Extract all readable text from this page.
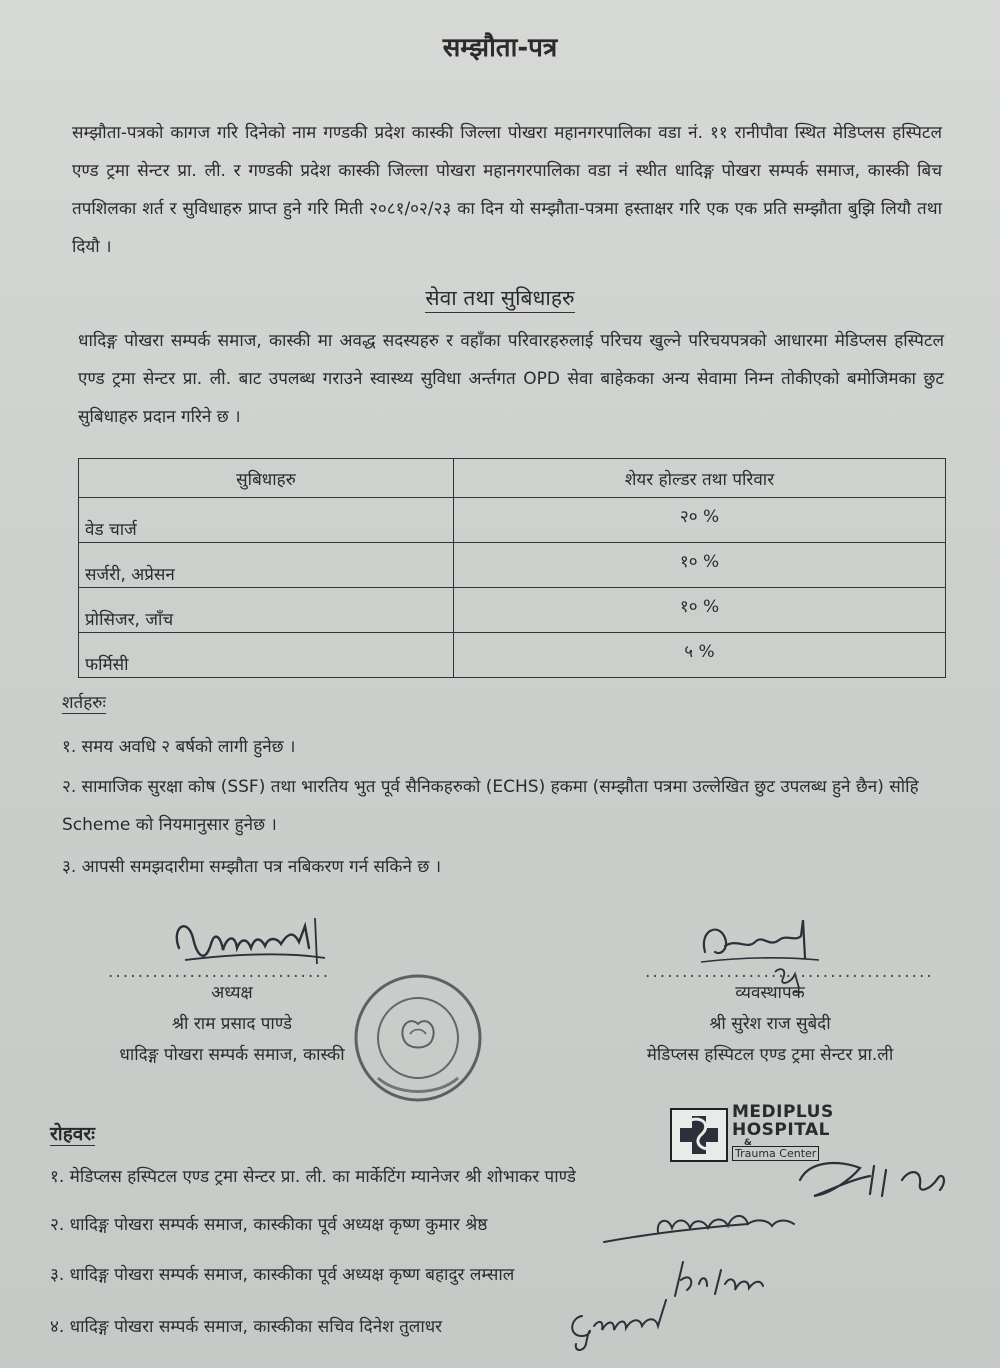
सम्झौता-पत्र
सम्झौता-पत्रको कागज गरि दिनेको नाम गण्डकी प्रदेश कास्की जिल्ला पोखरा महानगरपालिका वडा नं. ११ रानीपौवा स्थित मेडिप्लस हस्पिटल एण्ड ट्रमा सेन्टर प्रा. ली. र गण्डकी प्रदेश कास्की जिल्ला पोखरा महानगरपालिका वडा नं स्थीत धादिङ्ग पोखरा सम्पर्क समाज, कास्की बिच तपशिलका शर्त र सुविधाहरु प्राप्त हुने गरि मिती २०८१/०२/२३ का दिन यो सम्झौता-पत्रमा हस्ताक्षर गरि एक एक प्रति सम्झौता बुझि लियौ तथा दियौ ।
सेवा तथा सुबिधाहरु
धादिङ्ग पोखरा सम्पर्क समाज, कास्की मा अवद्ध सदस्यहरु र वहाँका परिवारहरुलाई परिचय खुल्ने परिचयपत्रको आधारमा मेडिप्लस हस्पिटल एण्ड ट्रमा सेन्टर प्रा. ली. बाट उपलब्ध गराउने स्वास्थ्य सुविधा अर्न्तगत OPD सेवा बाहेकका अन्य सेवामा निम्न तोकीएको बमोजिमका छुट सुबिधाहरु प्रदान गरिने छ ।
सुबिधाहरु	शेयर होल्डर तथा परिवार
वेड चार्ज	२० %
सर्जरी, अप्रेसन	१० %
प्रोसिजर, जाँच	१० %
फर्मिसी	५ %
शर्तहरुः
१. समय अवधि २ बर्षको लागी हुनेछ ।
२. सामाजिक सुरक्षा कोष (SSF) तथा भारतिय भुत पूर्व सैनिकहरुको (ECHS) हकमा (सम्झौता पत्रमा उल्लेखित छुट उपलब्ध हुने छैन) सोहि Scheme को नियमानुसार हुनेछ ।
३. आपसी समझदारीमा सम्झौता पत्र नबिकरण गर्न सकिने छ ।
..............................
अध्यक्ष
श्री राम प्रसाद पाण्डे
धादिङ्ग पोखरा सम्पर्क समाज, कास्की
.......................................
व्यवस्थापक
श्री सुरेश राज सुबेदी
मेडिप्लस हस्पिटल एण्ड ट्रमा सेन्टर प्रा.ली
MEDIPLUS
HOSPITAL
&
Trauma Center
रोहवरः
१. मेडिप्लस हस्पिटल एण्ड ट्रमा सेन्टर प्रा. ली. का मार्केटिंग म्यानेजर श्री शोभाकर पाण्डे
२. धादिङ्ग पोखरा सम्पर्क समाज, कास्कीका पूर्व अध्यक्ष कृष्ण कुमार श्रेष्ठ
३. धादिङ्ग पोखरा सम्पर्क समाज, कास्कीका पूर्व अध्यक्ष कृष्ण बहादुर लम्साल
४. धादिङ्ग पोखरा सम्पर्क समाज, कास्कीका सचिव दिनेश तुलाधर
